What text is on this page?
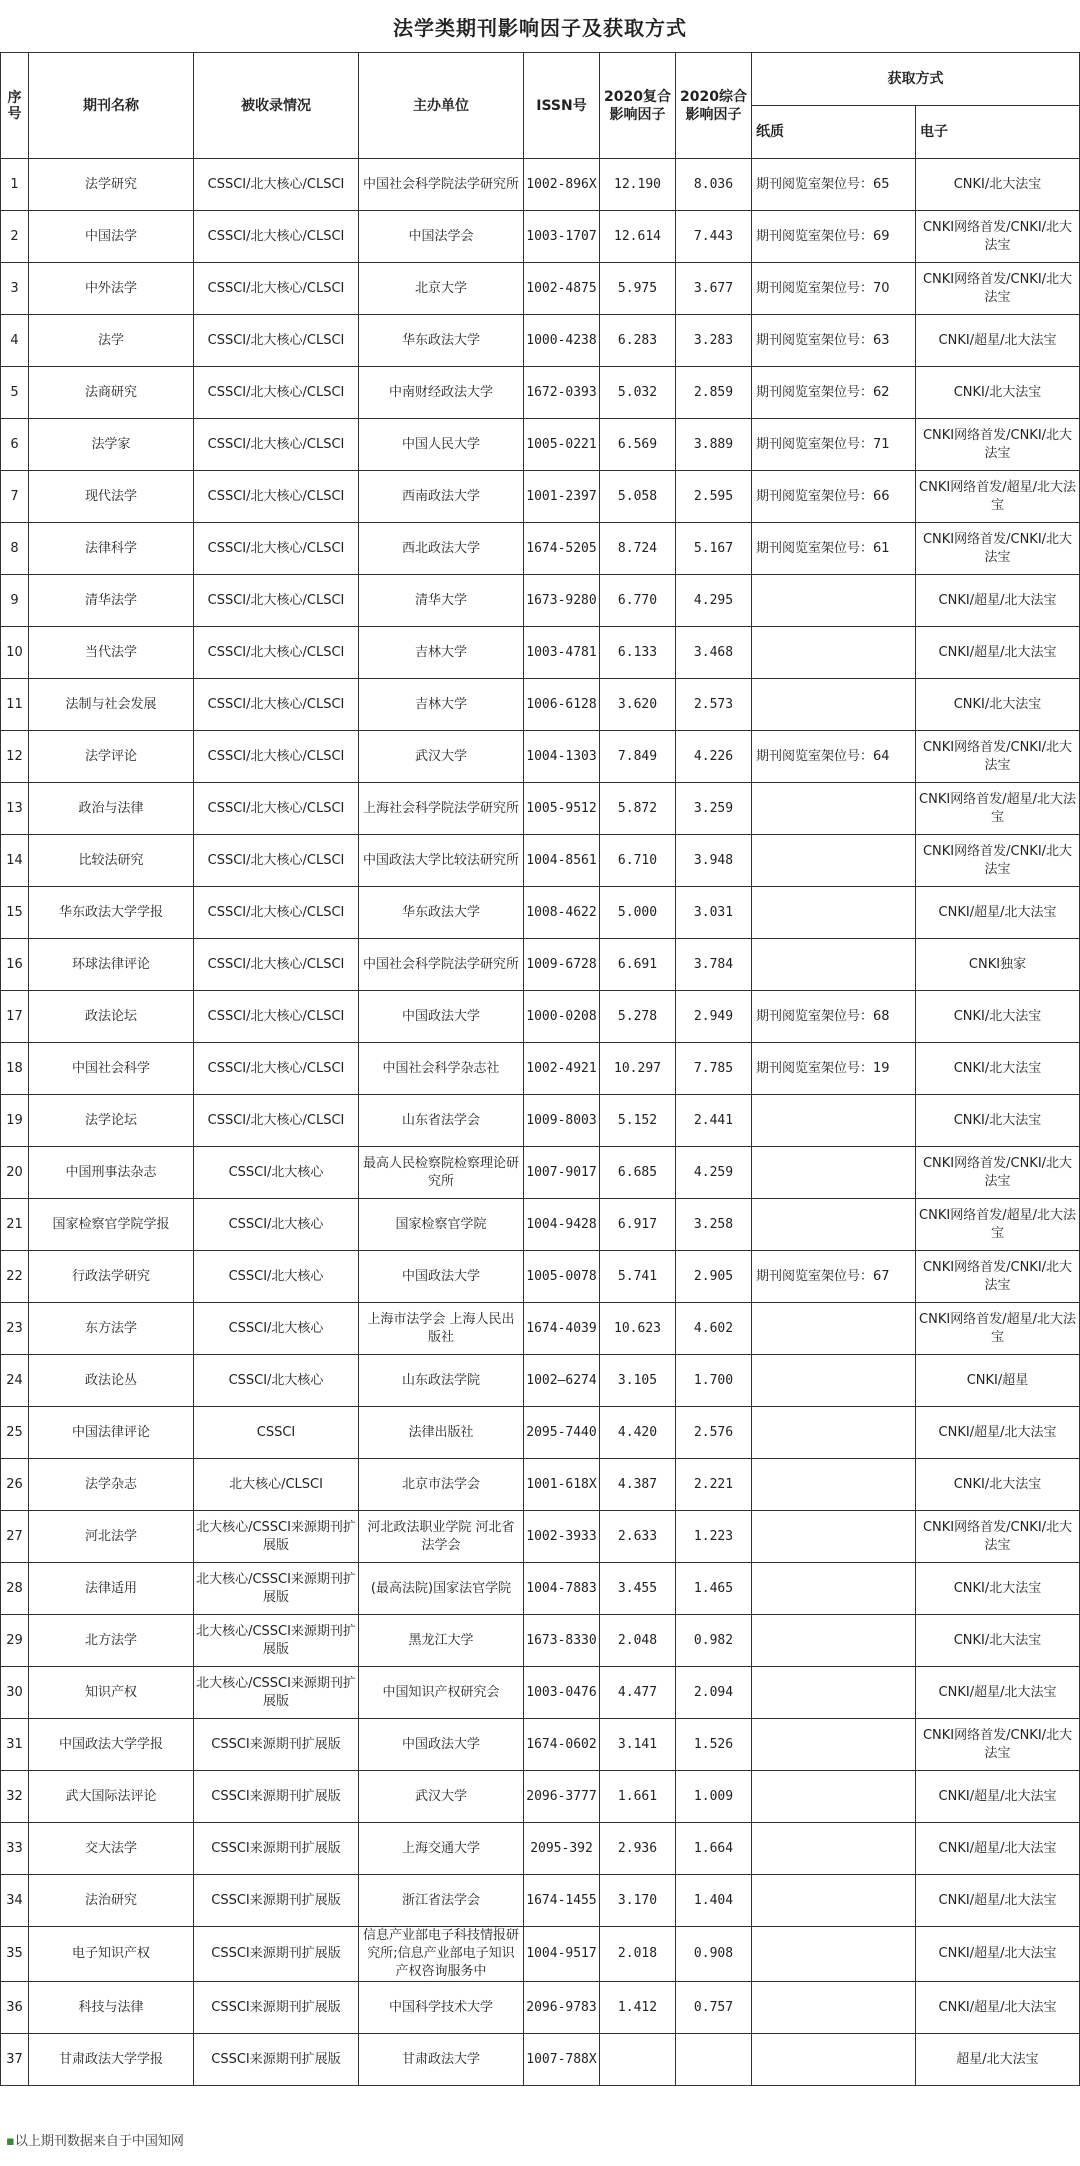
法学类期刊影响因子及获取方式
序号	期刊名称	被收录情况	主办单位	ISSN号	2020复合影响因子	2020综合影响因子	获取方式	
							纸质	电子
1	法学研究	CSSCI/北大核心/CLSCI	中国社会科学院法学研究所	1002-896X	12.190	8.036	期刊阅览室架位号：65	CNKI/北大法宝
2	中国法学	CSSCI/北大核心/CLSCI	中国法学会	1003-1707	12.614	7.443	期刊阅览室架位号：69	CNKI网络首发/CNKI/北大法宝
3	中外法学	CSSCI/北大核心/CLSCI	北京大学	1002-4875	5.975	3.677	期刊阅览室架位号：70	CNKI网络首发/CNKI/北大法宝
4	法学	CSSCI/北大核心/CLSCI	华东政法大学	1000-4238	6.283	3.283	期刊阅览室架位号：63	CNKI/超星/北大法宝
5	法商研究	CSSCI/北大核心/CLSCI	中南财经政法大学	1672-0393	5.032	2.859	期刊阅览室架位号：62	CNKI/北大法宝
6	法学家	CSSCI/北大核心/CLSCI	中国人民大学	1005-0221	6.569	3.889	期刊阅览室架位号：71	CNKI网络首发/CNKI/北大法宝
7	现代法学	CSSCI/北大核心/CLSCI	西南政法大学	1001-2397	5.058	2.595	期刊阅览室架位号：66	CNKI网络首发/超星/北大法宝
8	法律科学	CSSCI/北大核心/CLSCI	西北政法大学	1674-5205	8.724	5.167	期刊阅览室架位号：61	CNKI网络首发/CNKI/北大法宝
9	清华法学	CSSCI/北大核心/CLSCI	清华大学	1673-9280	6.770	4.295		CNKI/超星/北大法宝
10	当代法学	CSSCI/北大核心/CLSCI	吉林大学	1003-4781	6.133	3.468		CNKI/超星/北大法宝
11	法制与社会发展	CSSCI/北大核心/CLSCI	吉林大学	1006-6128	3.620	2.573		CNKI/北大法宝
12	法学评论	CSSCI/北大核心/CLSCI	武汉大学	1004-1303	7.849	4.226	期刊阅览室架位号：64	CNKI网络首发/CNKI/北大法宝
13	政治与法律	CSSCI/北大核心/CLSCI	上海社会科学院法学研究所	1005-9512	5.872	3.259		CNKI网络首发/超星/北大法宝
14	比较法研究	CSSCI/北大核心/CLSCI	中国政法大学比较法研究所	1004-8561	6.710	3.948		CNKI网络首发/CNKI/北大法宝
15	华东政法大学学报	CSSCI/北大核心/CLSCI	华东政法大学	1008-4622	5.000	3.031		CNKI/超星/北大法宝
16	环球法律评论	CSSCI/北大核心/CLSCI	中国社会科学院法学研究所	1009-6728	6.691	3.784		CNKI独家
17	政法论坛	CSSCI/北大核心/CLSCI	中国政法大学	1000-0208	5.278	2.949	期刊阅览室架位号：68	CNKI/北大法宝
18	中国社会科学	CSSCI/北大核心/CLSCI	中国社会科学杂志社	1002-4921	10.297	7.785	期刊阅览室架位号：19	CNKI/北大法宝
19	法学论坛	CSSCI/北大核心/CLSCI	山东省法学会	1009-8003	5.152	2.441		CNKI/北大法宝
20	中国刑事法杂志	CSSCI/北大核心	最高人民检察院检察理论研究所	1007-9017	6.685	4.259		CNKI网络首发/CNKI/北大法宝
21	国家检察官学院学报	CSSCI/北大核心	国家检察官学院	1004-9428	6.917	3.258		CNKI网络首发/超星/北大法宝
22	行政法学研究	CSSCI/北大核心	中国政法大学	1005-0078	5.741	2.905	期刊阅览室架位号：67	CNKI网络首发/CNKI/北大法宝
23	东方法学	CSSCI/北大核心	上海市法学会 上海人民出版社	1674-4039	10.623	4.602		CNKI网络首发/超星/北大法宝
24	政法论丛	CSSCI/北大核心	山东政法学院	1002—6274	3.105	1.700		CNKI/超星
25	中国法律评论	CSSCI	法律出版社	2095-7440	4.420	2.576		CNKI/超星/北大法宝
26	法学杂志	北大核心/CLSCI	北京市法学会	1001-618X	4.387	2.221		CNKI/北大法宝
27	河北法学	北大核心/CSSCI来源期刊扩展版	河北政法职业学院 河北省法学会	1002-3933	2.633	1.223		CNKI网络首发/CNKI/北大法宝
28	法律适用	北大核心/CSSCI来源期刊扩展版	(最高法院)国家法官学院	1004-7883	3.455	1.465		CNKI/北大法宝
29	北方法学	北大核心/CSSCI来源期刊扩展版	黑龙江大学	1673-8330	2.048	0.982		CNKI/北大法宝
30	知识产权	北大核心/CSSCI来源期刊扩展版	中国知识产权研究会	1003-0476	4.477	2.094		CNKI/超星/北大法宝
31	中国政法大学学报	CSSCI来源期刊扩展版	中国政法大学	1674-0602	3.141	1.526		CNKI网络首发/CNKI/北大法宝
32	武大国际法评论	CSSCI来源期刊扩展版	武汉大学	2096-3777	1.661	1.009		CNKI/超星/北大法宝
33	交大法学	CSSCI来源期刊扩展版	上海交通大学	2095-392	2.936	1.664		CNKI/超星/北大法宝
34	法治研究	CSSCI来源期刊扩展版	浙江省法学会	1674-1455	3.170	1.404		CNKI/超星/北大法宝
35	电子知识产权	CSSCI来源期刊扩展版	信息产业部电子科技情报研究所;信息产业部电子知识产权咨询服务中	1004-9517	2.018	0.908		CNKI/超星/北大法宝
36	科技与法律	CSSCI来源期刊扩展版	中国科学技术大学	2096-9783	1.412	0.757		CNKI/超星/北大法宝
37	甘肃政法大学学报	CSSCI来源期刊扩展版	甘肃政法大学	1007-788X				超星/北大法宝
▪以上期刊数据来自于中国知网
